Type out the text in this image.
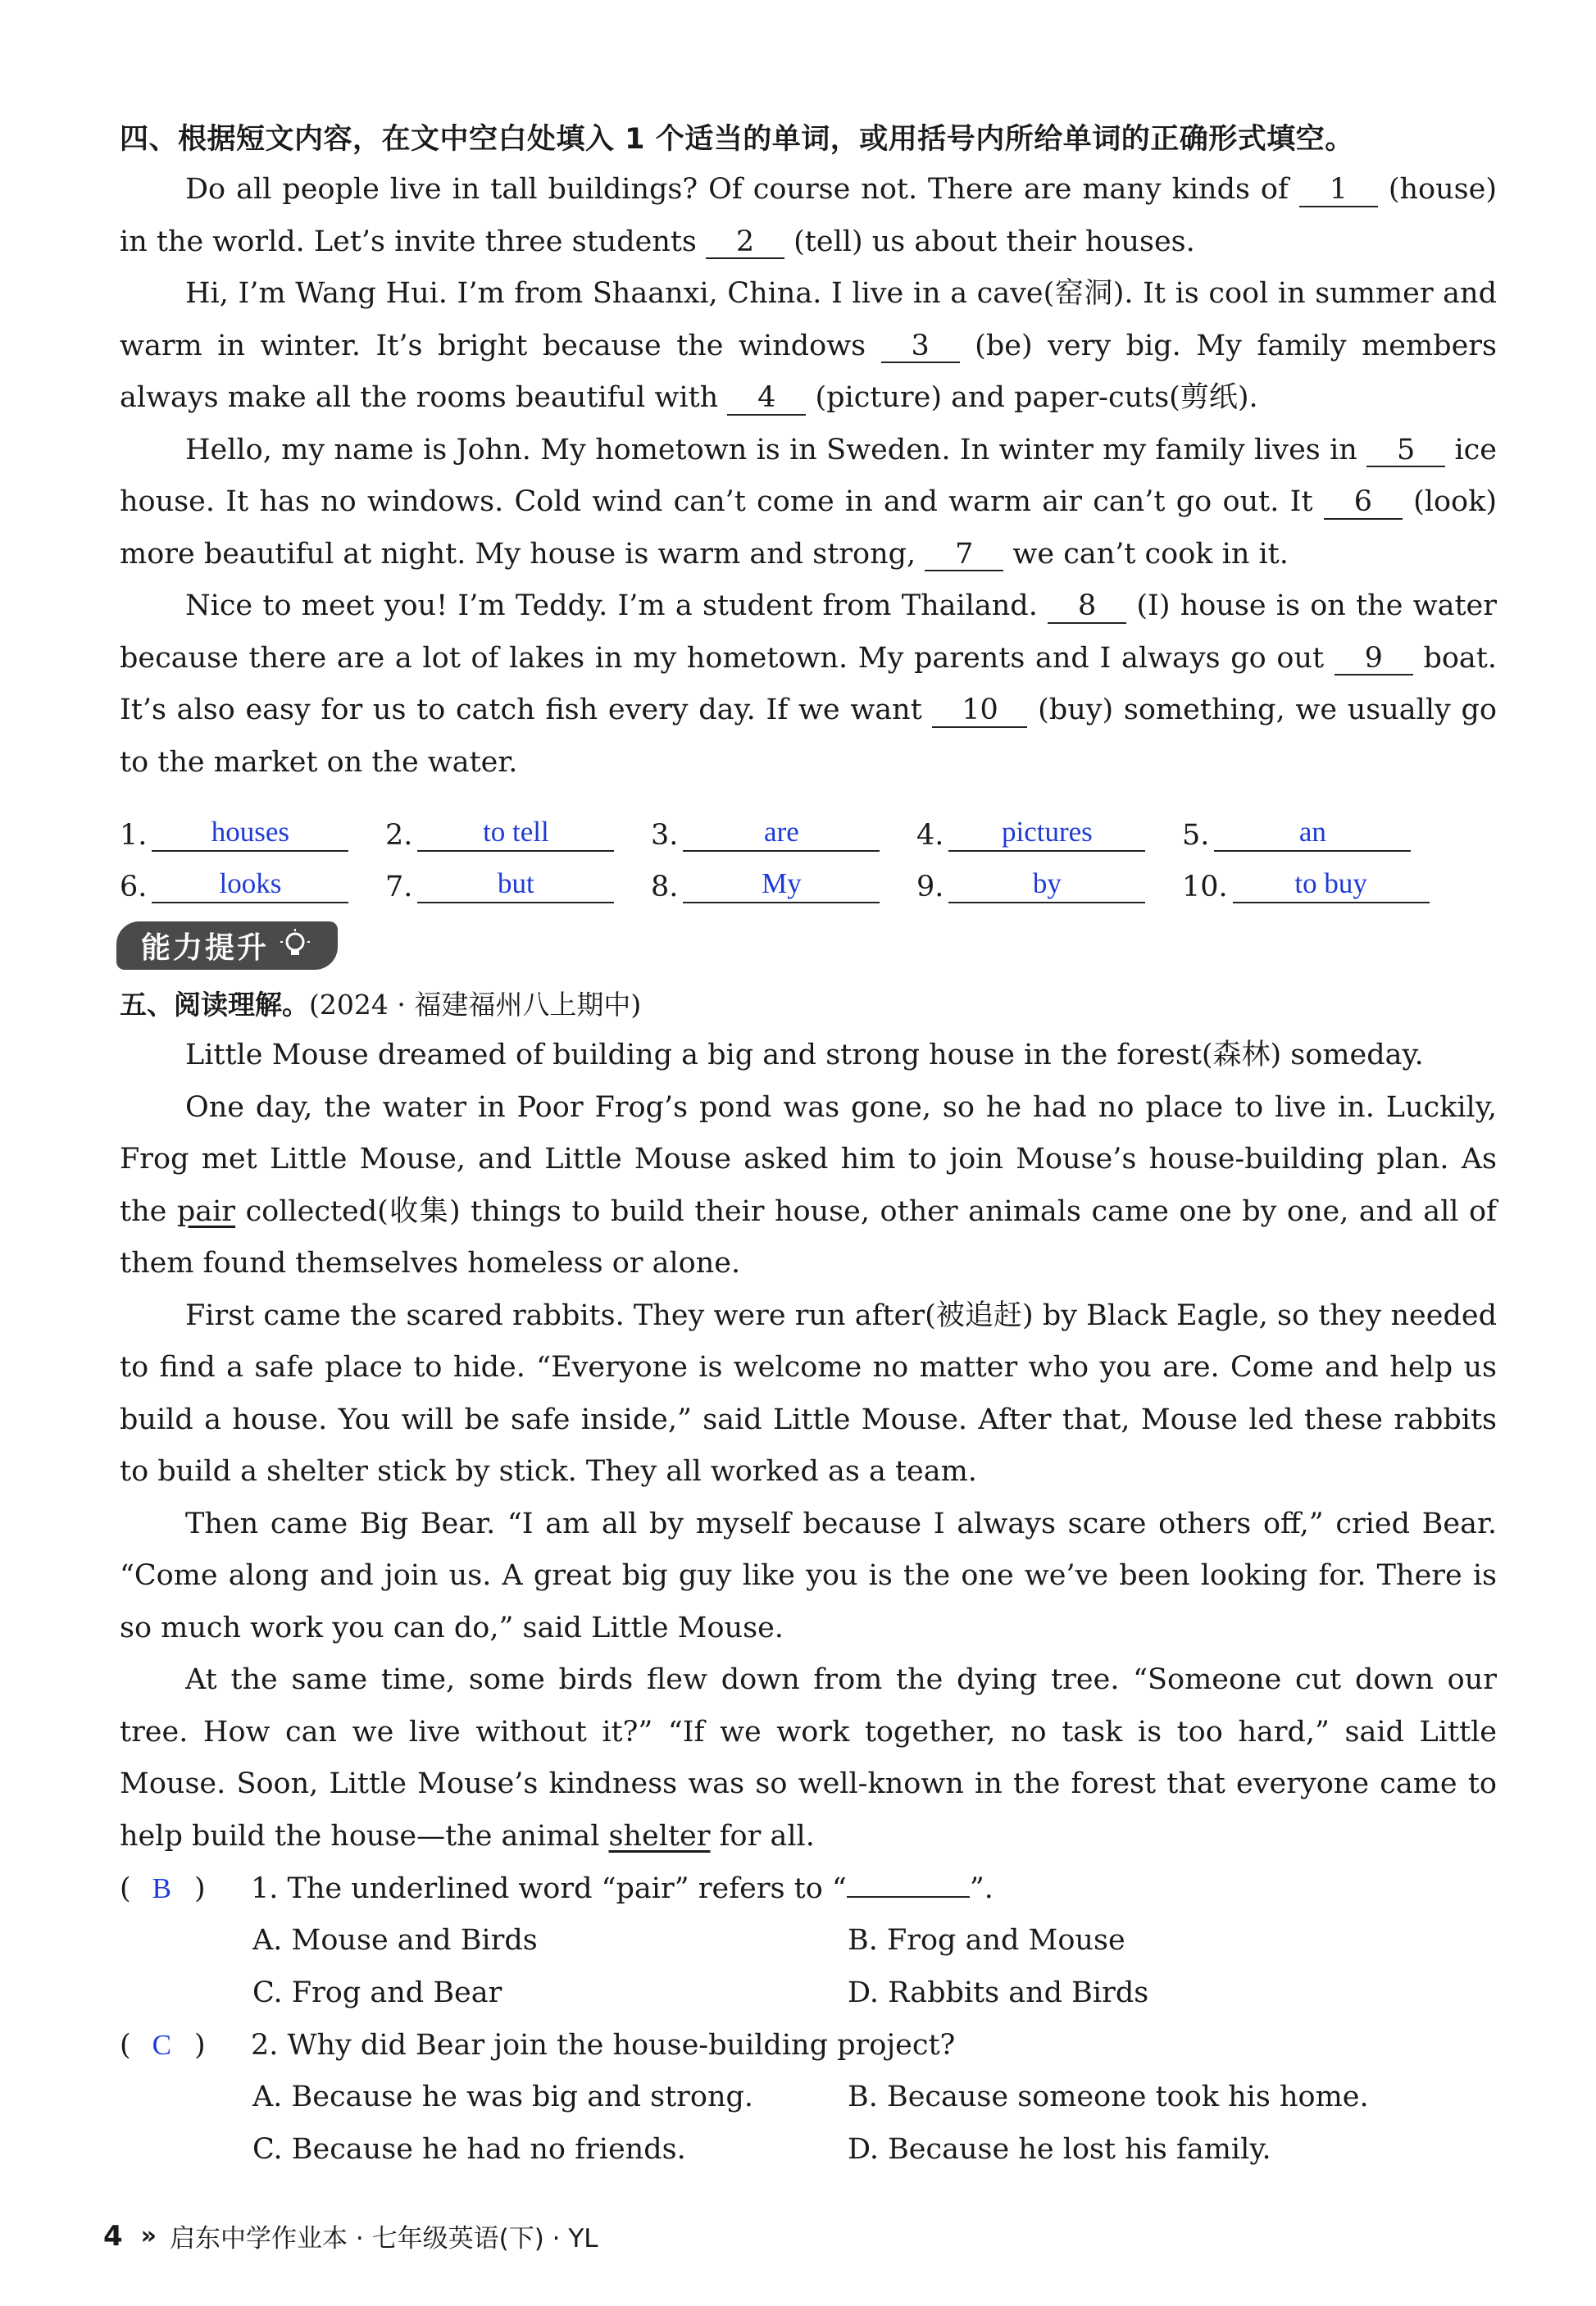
四、根据短文内容，在文中空白处填入 1 个适当的单词，或用括号内所给单词的正确形式填空。

Do all people live in tall buildings? Of course not. There are many kinds of 1 (house) in the world. Let’s invite three students 2 (tell) us about their houses.

Hi, I’m Wang Hui. I’m from Shaanxi, China. I live in a cave(窑洞). It is cool in summer and warm in winter. It’s bright because the windows 3 (be) very big. My family members always make all the rooms beautiful with 4 (picture) and paper-cuts(剪纸).

Hello, my name is John. My hometown is in Sweden. In winter my family lives in 5 ice house. It has no windows. Cold wind can’t come in and warm air can’t go out. It 6 (look) more beautiful at night. My house is warm and strong, 7 we can’t cook in it.

Nice to meet you! I’m Teddy. I’m a student from Thailand. 8 (I) house is on the water because there are a lot of lakes in my hometown. My parents and I always go out 9 boat. It’s also easy for us to catch fish every day. If we want 10 (buy) something, we usually go to the market on the water.

1.	houses	2.	to tell	3.	are	4.	pictures	5.	an
6.	looks	7.	but	8.	My	9.	by	10.	to buy
能力提升
五、阅读理解。(2024 · 福建福州八上期中)

Little Mouse dreamed of building a big and strong house in the forest(森林) someday.

One day, the water in Poor Frog’s pond was gone, so he had no place to live in. Luckily, Frog met Little Mouse, and Little Mouse asked him to join Mouse’s house-building plan. As the pair collected(收集) things to build their house, other animals came one by one, and all of them found themselves homeless or alone.

First came the scared rabbits. They were run after(被追赶) by Black Eagle, so they needed to find a safe place to hide. “Everyone is welcome no matter who you are. Come and help us build a house. You will be safe inside,” said Little Mouse. After that, Mouse led these rabbits to build a shelter stick by stick. They all worked as a team.

Then came Big Bear. “I am all by myself because I always scare others off,” cried Bear. “Come along and join us. A great big guy like you is the one we’ve been looking for. There is so much work you can do,” said Little Mouse.

At the same time, some birds flew down from the dying tree. “Someone cut down our tree. How can we live without it?” “If we work together, no task is too hard,” said Little Mouse. Soon, Little Mouse’s kindness was so well-known in the forest that everyone came to help build the house—the animal shelter for all.

( B ) 1. The underlined word “pair” refers to “	”.
A. Mouse and Birds	B. Frog and Mouse
C. Frog and Bear	D. Rabbits and Birds
( C ) 2. Why did Bear join the house-building project?
A. Because he was big and strong.	B. Because someone took his home.
C. Because he had no friends.	D. Because he lost his family.
4 » 启东中学作业本 · 七年级英语(下) · YL
